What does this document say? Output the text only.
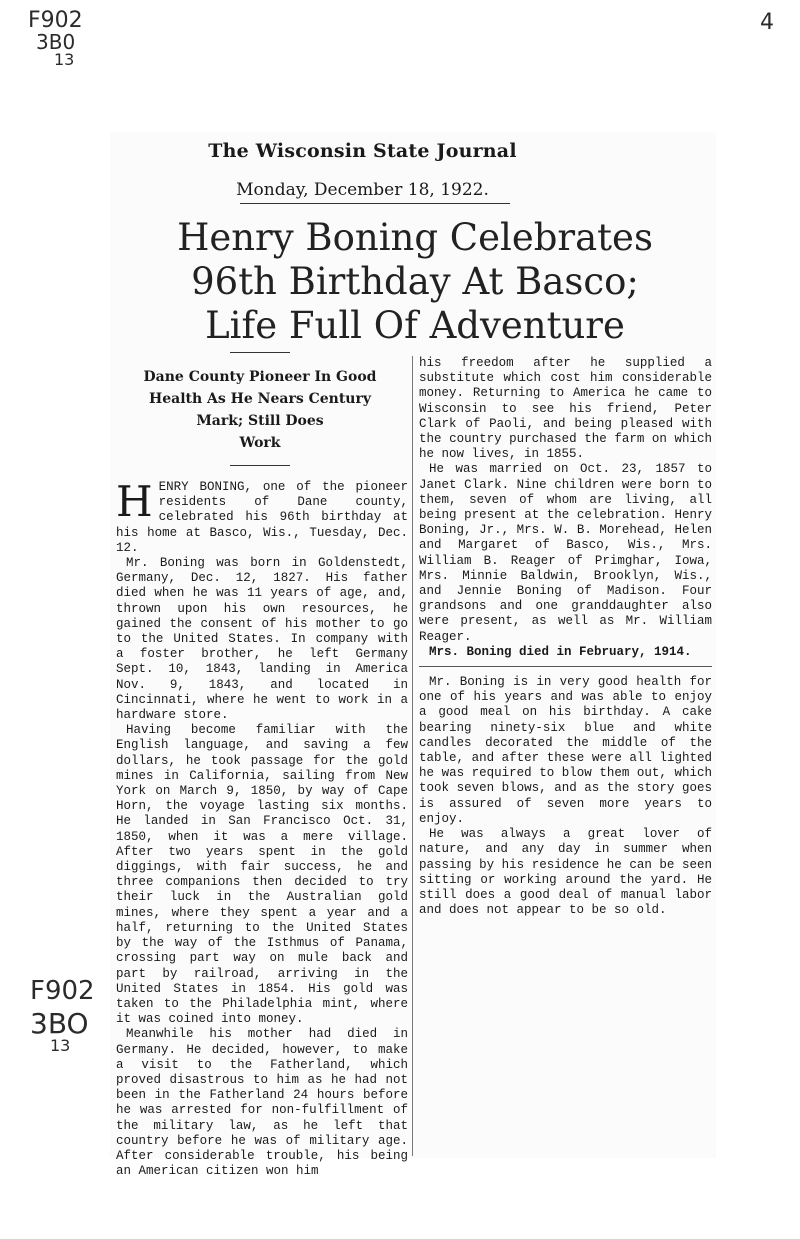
F902
3B0
13
4
F902
3BO
13
The Wisconsin State Journal
Monday, December 18, 1922.
Henry Boning Celebrates
96th Birthday At Basco;
Life Full Of Adventure
Dane County Pioneer In Good
Health As He Nears Century
Mark; Still Does
Work

HENRY BONING, one of the pioneer residents of Dane county, celebrated his 96th birthday at his home at Basco, Wis., Tuesday, Dec. 12.

Mr. Boning was born in Goldenstedt, Germany, Dec. 12, 1827. His father died when he was 11 years of age, and, thrown upon his own resources, he gained the consent of his mother to go to the United States. In company with a foster brother, he left Germany Sept. 10, 1843, landing in America Nov. 9, 1843, and located in Cincinnati, where he went to work in a hardware store.

Having become familiar with the English language, and saving a few dollars, he took passage for the gold mines in California, sailing from New York on March 9, 1850, by way of Cape Horn, the voyage lasting six months. He landed in San Francisco Oct. 31, 1850, when it was a mere village. After two years spent in the gold diggings, with fair success, he and three companions then decided to try their luck in the Australian gold mines, where they spent a year and a half, returning to the United States by the way of the Isthmus of Panama, crossing part way on mule back and part by railroad, arriving in the United States in 1854. His gold was taken to the Philadelphia mint, where it was coined into money.

Meanwhile his mother had died in Germany. He decided, however, to make a visit to the Fatherland, which proved disastrous to him as he had not been in the Fatherland 24 hours before he was arrested for non-fulfillment of the military law, as he left that country before he was of military age. After considerable trouble, his being an American citizen won him

his freedom after he supplied a substitute which cost him considerable money. Returning to America he came to Wisconsin to see his friend, Peter Clark of Paoli, and being pleased with the country purchased the farm on which he now lives, in 1855.

He was married on Oct. 23, 1857 to Janet Clark. Nine children were born to them, seven of whom are living, all being present at the celebration. Henry Boning, Jr., Mrs. W. B. Morehead, Helen and Margaret of Basco, Wis., Mrs. William B. Reager of Primghar, Iowa, Mrs. Minnie Baldwin, Brooklyn, Wis., and Jennie Boning of Madison. Four grandsons and one granddaughter also were present, as well as Mr. William Reager.

Mrs. Boning died in February, 1914.

Mr. Boning is in very good health for one of his years and was able to enjoy a good meal on his birthday. A cake bearing ninety-six blue and white candles decorated the middle of the table, and after these were all lighted he was required to blow them out, which took seven blows, and as the story goes is assured of seven more years to enjoy.

He was always a great lover of nature, and any day in summer when passing by his residence he can be seen sitting or working around the yard. He still does a good deal of manual labor and does not appear to be so old.
